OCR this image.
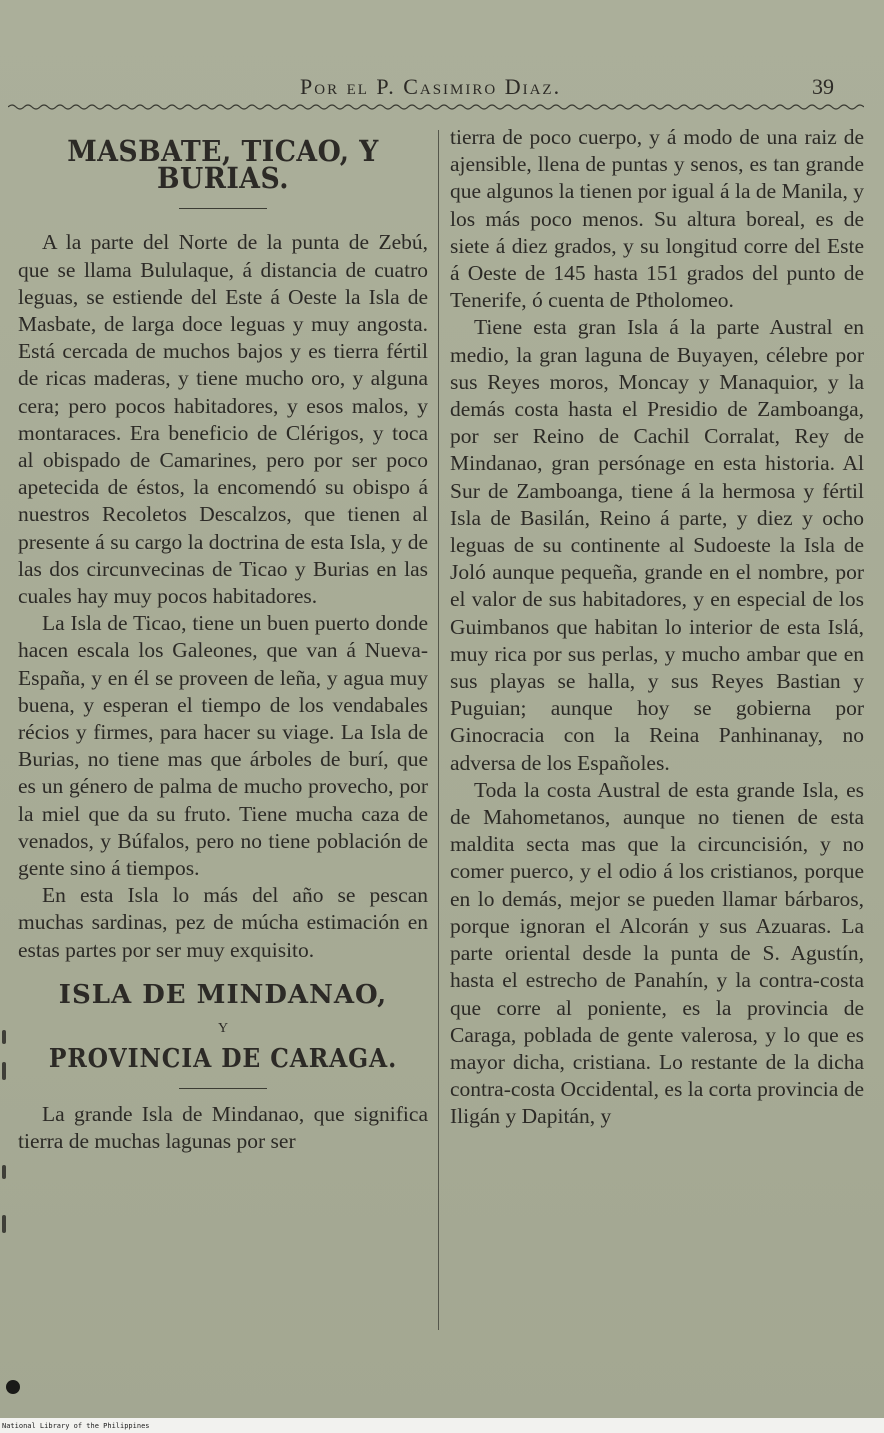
Por el P. Casimiro Diaz.	39
MASBATE, TICAO, Y BURIAS.

A la parte del Norte de la punta de Zebú, que se llama Bululaque, á distancia de cuatro leguas, se estiende del Este á Oeste la Isla de Masbate, de larga doce leguas y muy angosta. Está cercada de muchos bajos y es tierra fértil de ricas maderas, y tiene mucho oro, y alguna cera; pero pocos habitadores, y esos malos, y montaraces. Era beneficio de Clérigos, y toca al obispado de Camarines, pero por ser poco apetecida de éstos, la encomendó su obispo á nuestros Recoletos Descalzos, que tienen al presente á su cargo la doctrina de esta Isla, y de las dos circunvecinas de Ticao y Burias en las cuales hay muy pocos habitadores.

La Isla de Ticao, tiene un buen puerto donde hacen escala los Galeones, que van á Nueva-España, y en él se proveen de leña, y agua muy buena, y esperan el tiempo de los vendabales récios y firmes, para hacer su viage. La Isla de Burias, no tiene mas que árboles de burí, que es un género de palma de mucho provecho, por la miel que da su fruto. Tiene mucha caza de venados, y Búfalos, pero no tiene población de gente sino á tiempos.

En esta Isla lo más del año se pescan muchas sardinas, pez de múcha estimación en estas partes por ser muy exquisito.

ISLA DE MINDANAO,
Y
PROVINCIA DE CARAGA.

La grande Isla de Mindanao, que significa tierra de muchas lagunas por ser

tierra de poco cuerpo, y á modo de una raiz de ajensible, llena de puntas y senos, es tan grande que algunos la tienen por igual á la de Manila, y los más poco menos. Su altura boreal, es de siete á diez grados, y su longitud corre del Este á Oeste de 145 hasta 151 grados del punto de Tenerife, ó cuenta de Ptholomeo.

Tiene esta gran Isla á la parte Austral en medio, la gran laguna de Buyayen, célebre por sus Reyes moros, Moncay y Manaquior, y la demás costa hasta el Presidio de Zamboanga, por ser Reino de Cachil Corralat, Rey de Mindanao, gran persónage en esta historia. Al Sur de Zamboanga, tiene á la hermosa y fértil Isla de Basilán, Reino á parte, y diez y ocho leguas de su continente al Sudoeste la Isla de Joló aunque pequeña, grande en el nombre, por el valor de sus habitadores, y en especial de los Guimbanos que habitan lo interior de esta Islá, muy rica por sus perlas, y mucho ambar que en sus playas se halla, y sus Reyes Bastian y Puguian; aunque hoy se gobierna por Ginocracia con la Reina Panhinanay, no adversa de los Españoles.

Toda la costa Austral de esta grande Isla, es de Mahometanos, aunque no tienen de esta maldita secta mas que la circuncisión, y no comer puerco, y el odio á los cristianos, porque en lo demás, mejor se pueden llamar bárbaros, porque ignoran el Alcorán y sus Azuaras. La parte oriental desde la punta de S. Agustín, hasta el estrecho de Panahín, y la contra-costa que corre al poniente, es la provincia de Caraga, poblada de gente valerosa, y lo que es mayor dicha, cristiana. Lo restante de la dicha contra-costa Occidental, es la corta provincia de Iligán y Dapitán, y

National Library of the Philippines
